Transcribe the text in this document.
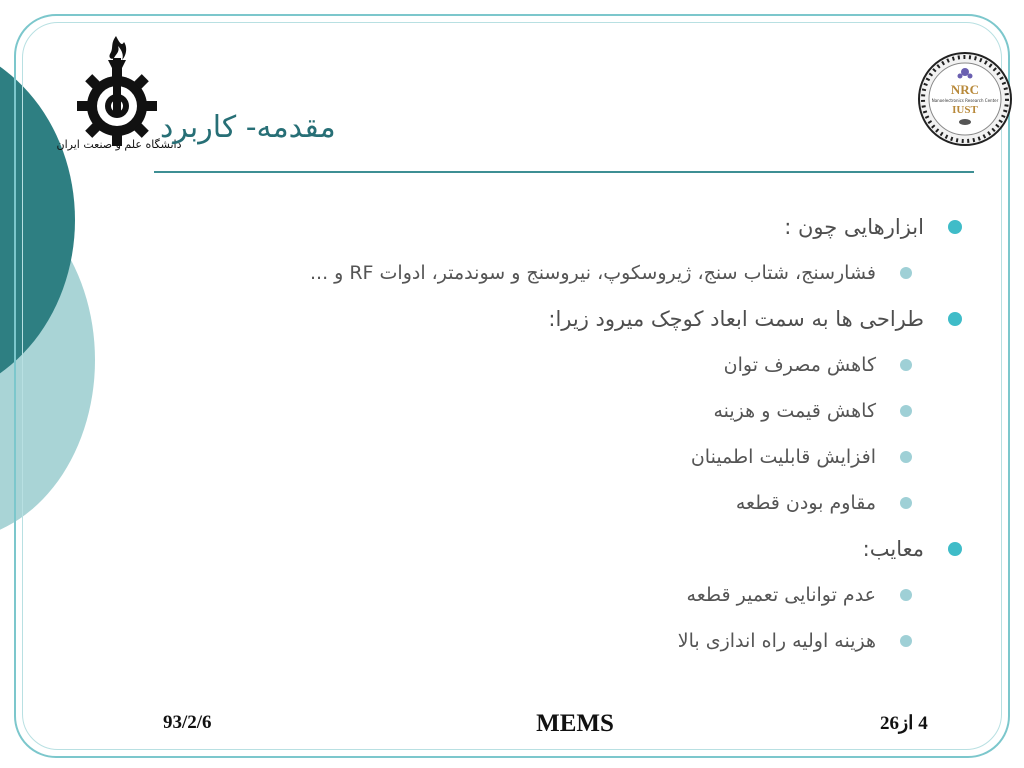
دانشگاه علم و صنعت ایران
NRC
Nanoelectronics Research Center
IUST
مقدمه- کاربرد
ابزارهایی چون :
فشارسنج، شتاب سنج، ژیروسکوپ، نیروسنج و سوندمتر، ادوات RF و ...
طراحی ها به سمت ابعاد کوچک میرود زیرا:
کاهش مصرف توان
کاهش قیمت و هزینه
افزایش قابلیت اطمینان
مقاوم بودن قطعه
معایب:
عدم توانایی تعمیر قطعه
هزینه اولیه راه اندازی بالا
93/2/6	MEMS	4 از26
